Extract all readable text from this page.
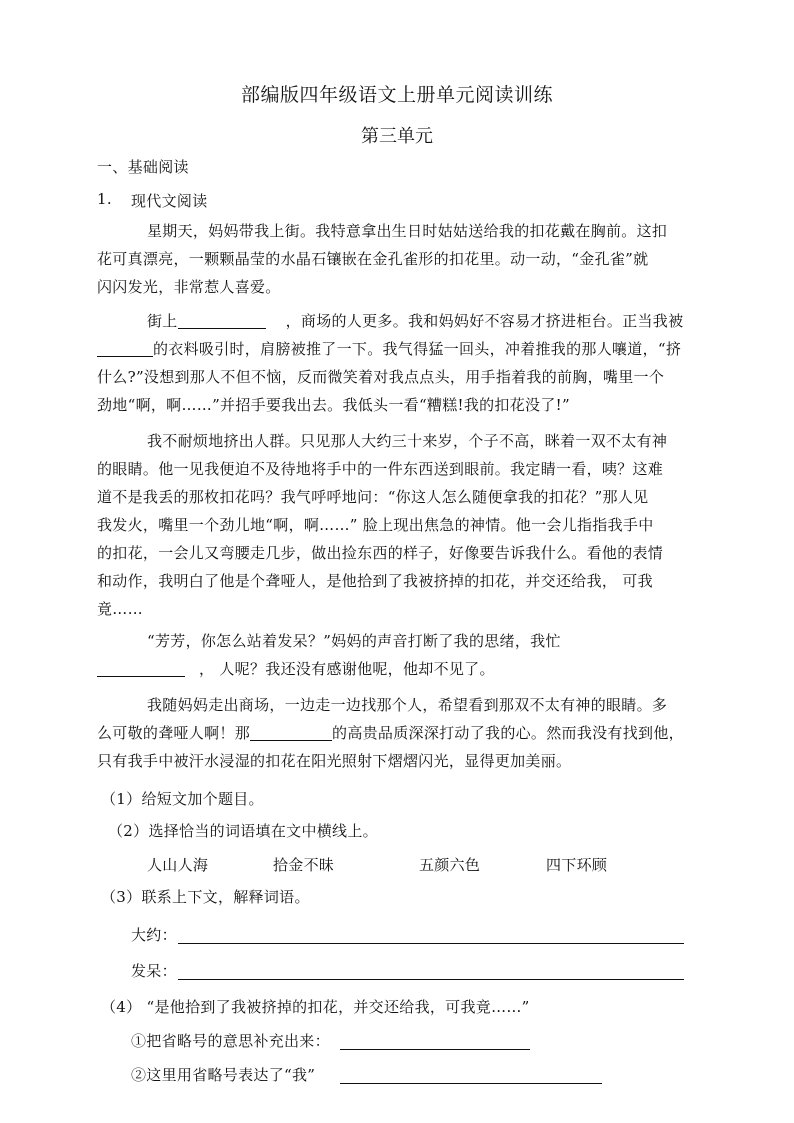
部编版四年级语文上册单元阅读训练
第三单元
一、基础阅读
1. 现代文阅读
星期天，妈妈带我上街。我特意拿出生日时姑姑送给我的扣花戴在胸前。这扣
花可真漂亮，一颗颗晶莹的水晶石镶嵌在金孔雀形的扣花里。动一动，“金孔雀”就
闪闪发光，非常惹人喜爱。
街上	，商场的人更多。我和妈妈好不容易才挤进柜台。正当我被
的衣料吸引时，肩膀被推了一下。我气得猛一回头，冲着推我的那人嚷道，“挤
什么?”没想到那人不但不恼，反而微笑着对我点点头，用手指着我的前胸，嘴里一个
劲地“啊，啊……”并招手要我出去。我低头一看“糟糕!我的扣花没了!”
我不耐烦地挤出人群。只见那人大约三十来岁，个子不高，眯着一双不太有神
的眼睛。他一见我便迫不及待地将手中的一件东西送到眼前。我定睛一看，咦？这难
道不是我丢的那枚扣花吗？我气呼呼地问：“你这人怎么随便拿我的扣花？”那人见
我发火，嘴里一个劲儿地“啊，啊……” 脸上现出焦急的神情。他一会儿指指我手中
的扣花，一会儿又弯腰走几步，做出捡东西的样子，好像要告诉我什么。看他的表情
和动作，我明白了他是个聋哑人，是他拾到了我被挤掉的扣花，并交还给我， 可我
竟……
“芳芳，你怎么站着发呆？”妈妈的声音打断了我的思绪，我忙
， 人呢？我还没有感谢他呢，他却不见了。
我随妈妈走出商场，一边走一边找那个人，希望看到那双不太有神的眼睛。多
么可敬的聋哑人啊！那	的高贵品质深深打动了我的心。然而我没有找到他，
只有我手中被汗水浸湿的扣花在阳光照射下熠熠闪光，显得更加美丽。
（1）给短文加个题目。
（2）选择恰当的词语填在文中横线上。
人山人海	拾金不昧	五颜六色	四下环顾
（3）联系上下文，解释词语。
大约：
发呆：
（4） “是他拾到了我被挤掉的扣花，并交还给我，可我竟……”
①把省略号的意思补充出来：
②这里用省略号表达了“我”
